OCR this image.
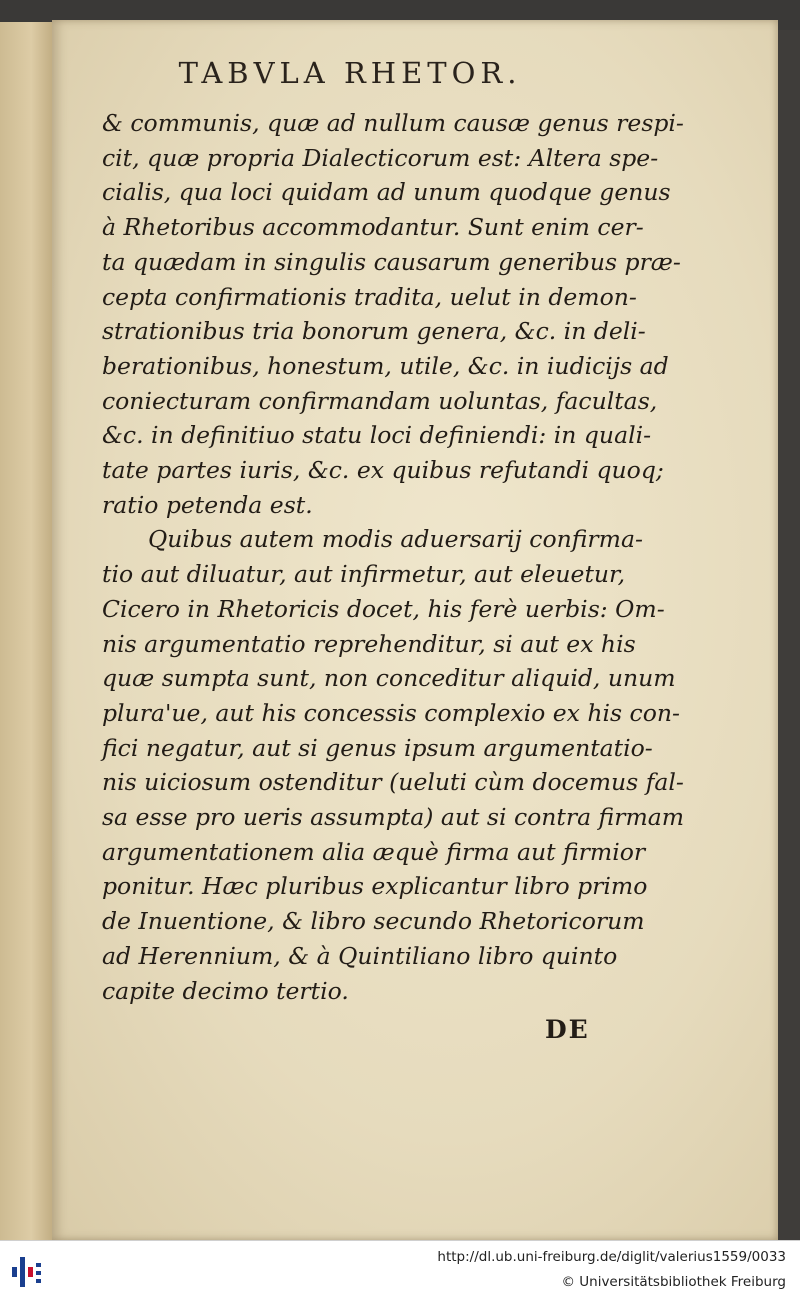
TABVLA RHETOR.
& communis, quæ ad nullum causæ genus respi-
cit, quæ propria Dialecticorum est: Altera spe-
cialis, qua loci quidam ad unum quodque genus
à Rhetoribus accommodantur. Sunt enim cer-
ta quædam in singulis causarum generibus præ-
cepta confirmationis tradita, uelut in demon-
strationibus tria bonorum genera, &c. in deli-
berationibus, honestum, utile, &c. in iudicijs ad
coniecturam confirmandam uoluntas, facultas,
&c. in definitiuo statu loci definiendi: in quali-
tate partes iuris, &c. ex quibus refutandi quoq;
ratio petenda est.
Quibus autem modis aduersarij confirma-
tio aut diluatur, aut infirmetur, aut eleuetur,
Cicero in Rhetoricis docet, his ferè uerbis: Om-
nis argumentatio reprehenditur, si aut ex his
quæ sumpta sunt, non conceditur aliquid, unum
plura'ue, aut his concessis complexio ex his con-
fici negatur, aut si genus ipsum argumentatio-
nis uiciosum ostenditur (ueluti cùm docemus fal-
sa esse pro ueris assumpta) aut si contra firmam
argumentationem alia æquè firma aut firmior
ponitur. Hæc pluribus explicantur libro primo
de Inuentione, & libro secundo Rhetoricorum
ad Herennium, & à Quintiliano libro quinto
capite decimo tertio.
DE
http://dl.ub.uni-freiburg.de/diglit/valerius1559/0033
© Universitätsbibliothek Freiburg
